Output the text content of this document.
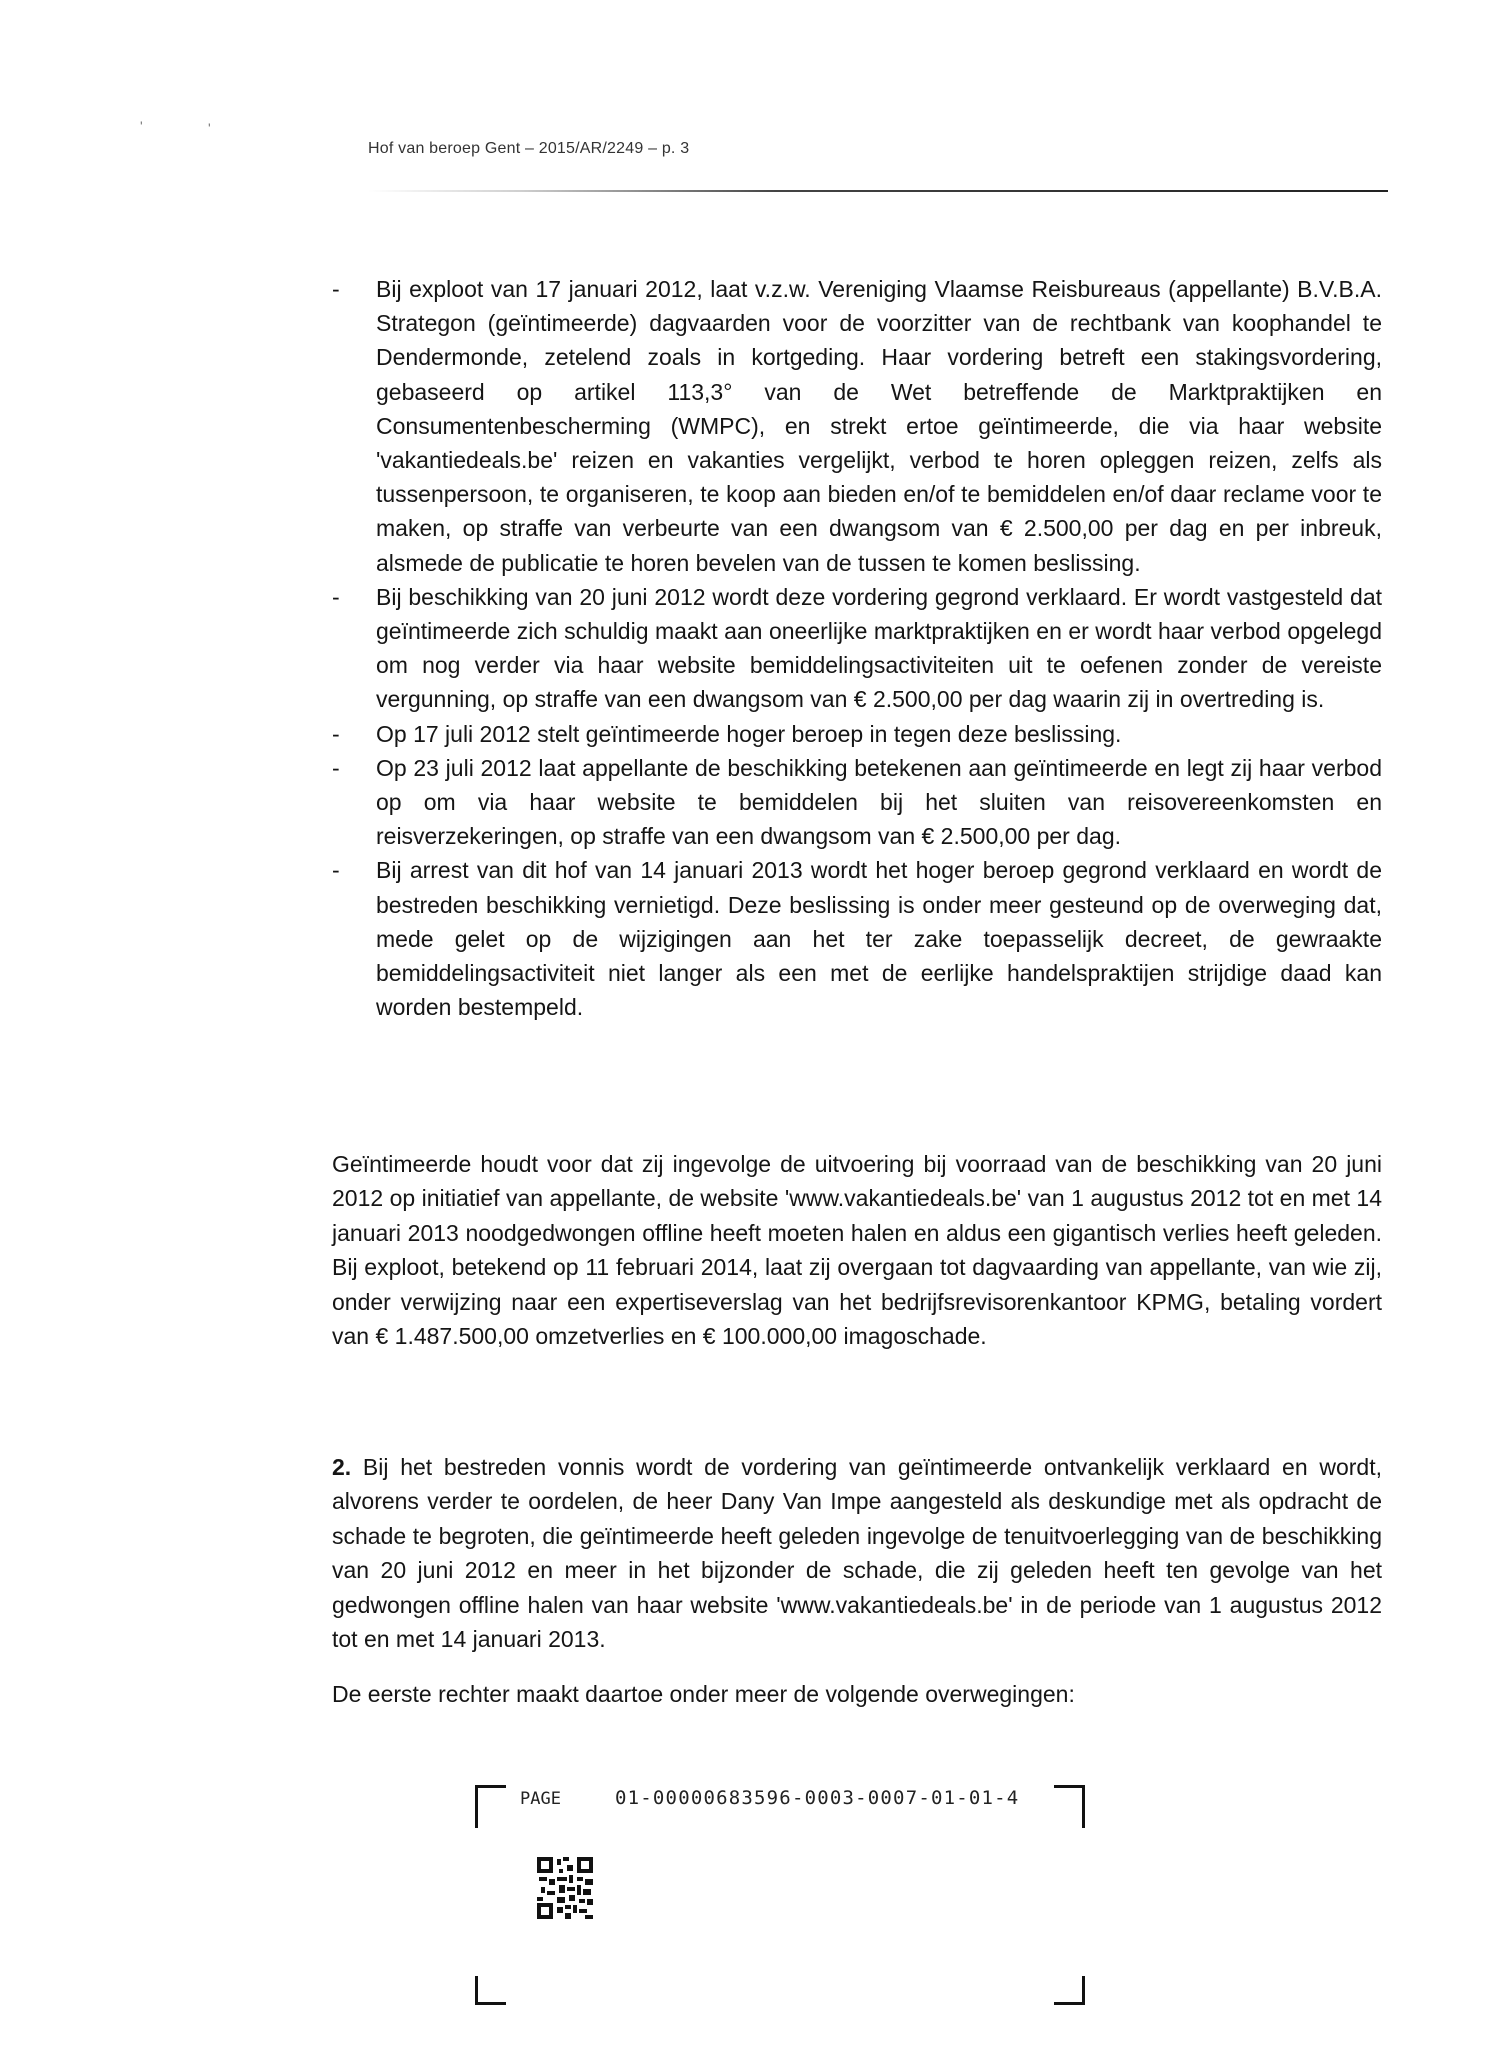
'	'
Hof van beroep Gent – 2015/AR/2249 – p. 3
- Bij exploot van 17 januari 2012, laat v.z.w. Vereniging Vlaamse Reisbureaus (appellante) B.V.B.A. Strategon (geïntimeerde) dagvaarden voor de voorzitter van de rechtbank van koophandel te Dendermonde, zetelend zoals in kortgeding. Haar vordering betreft een stakingsvordering, gebaseerd op artikel 113,3° van de Wet betreffende de Marktpraktijken en Consumentenbescherming (WMPC), en strekt ertoe geïntimeerde, die via haar website 'vakantiedeals.be' reizen en vakanties vergelijkt, verbod te horen opleggen reizen, zelfs als tussenpersoon, te organiseren, te koop aan bieden en/of te bemiddelen en/of daar reclame voor te maken, op straffe van verbeurte van een dwangsom van € 2.500,00 per dag en per inbreuk, alsmede de publicatie te horen bevelen van de tussen te komen beslissing.
- Bij beschikking van 20 juni 2012 wordt deze vordering gegrond verklaard. Er wordt vastgesteld dat geïntimeerde zich schuldig maakt aan oneerlijke marktpraktijken en er wordt haar verbod opgelegd om nog verder via haar website bemiddelingsactiviteiten uit te oefenen zonder de vereiste vergunning, op straffe van een dwangsom van € 2.500,00 per dag waarin zij in overtreding is.
- Op 17 juli 2012 stelt geïntimeerde hoger beroep in tegen deze beslissing.
- Op 23 juli 2012 laat appellante de beschikking betekenen aan geïntimeerde en legt zij haar verbod op om via haar website te bemiddelen bij het sluiten van reisovereenkomsten en reisverzekeringen, op straffe van een dwangsom van € 2.500,00 per dag.
- Bij arrest van dit hof van 14 januari 2013 wordt het hoger beroep gegrond verklaard en wordt de bestreden beschikking vernietigd. Deze beslissing is onder meer gesteund op de overweging dat, mede gelet op de wijzigingen aan het ter zake toepasselijk decreet, de gewraakte bemiddelingsactiviteit niet langer als een met de eerlijke handelspraktijen strijdige daad kan worden bestempeld.

Geïntimeerde houdt voor dat zij ingevolge de uitvoering bij voorraad van de beschikking van 20 juni 2012 op initiatief van appellante, de website 'www.vakantiedeals.be' van 1 augustus 2012 tot en met 14 januari 2013 noodgedwongen offline heeft moeten halen en aldus een gigantisch verlies heeft geleden. Bij exploot, betekend op 11 februari 2014, laat zij overgaan tot dagvaarding van appellante, van wie zij, onder verwijzing naar een expertiseverslag van het bedrijfsrevisorenkantoor KPMG, betaling vordert van € 1.487.500,00 omzetverlies en € 100.000,00 imagoschade.

2. Bij het bestreden vonnis wordt de vordering van geïntimeerde ontvankelijk verklaard en wordt, alvorens verder te oordelen, de heer Dany Van Impe aangesteld als deskundige met als opdracht de schade te begroten, die geïntimeerde heeft geleden ingevolge de tenuitvoerlegging van de beschikking van 20 juni 2012 en meer in het bijzonder de schade, die zij geleden heeft ten gevolge van het gedwongen offline halen van haar website 'www.vakantiedeals.be' in de periode van 1 augustus 2012 tot en met 14 januari 2013.

De eerste rechter maakt daartoe onder meer de volgende overwegingen:

PAGE	01-00000683596-0003-0007-01-01-4
